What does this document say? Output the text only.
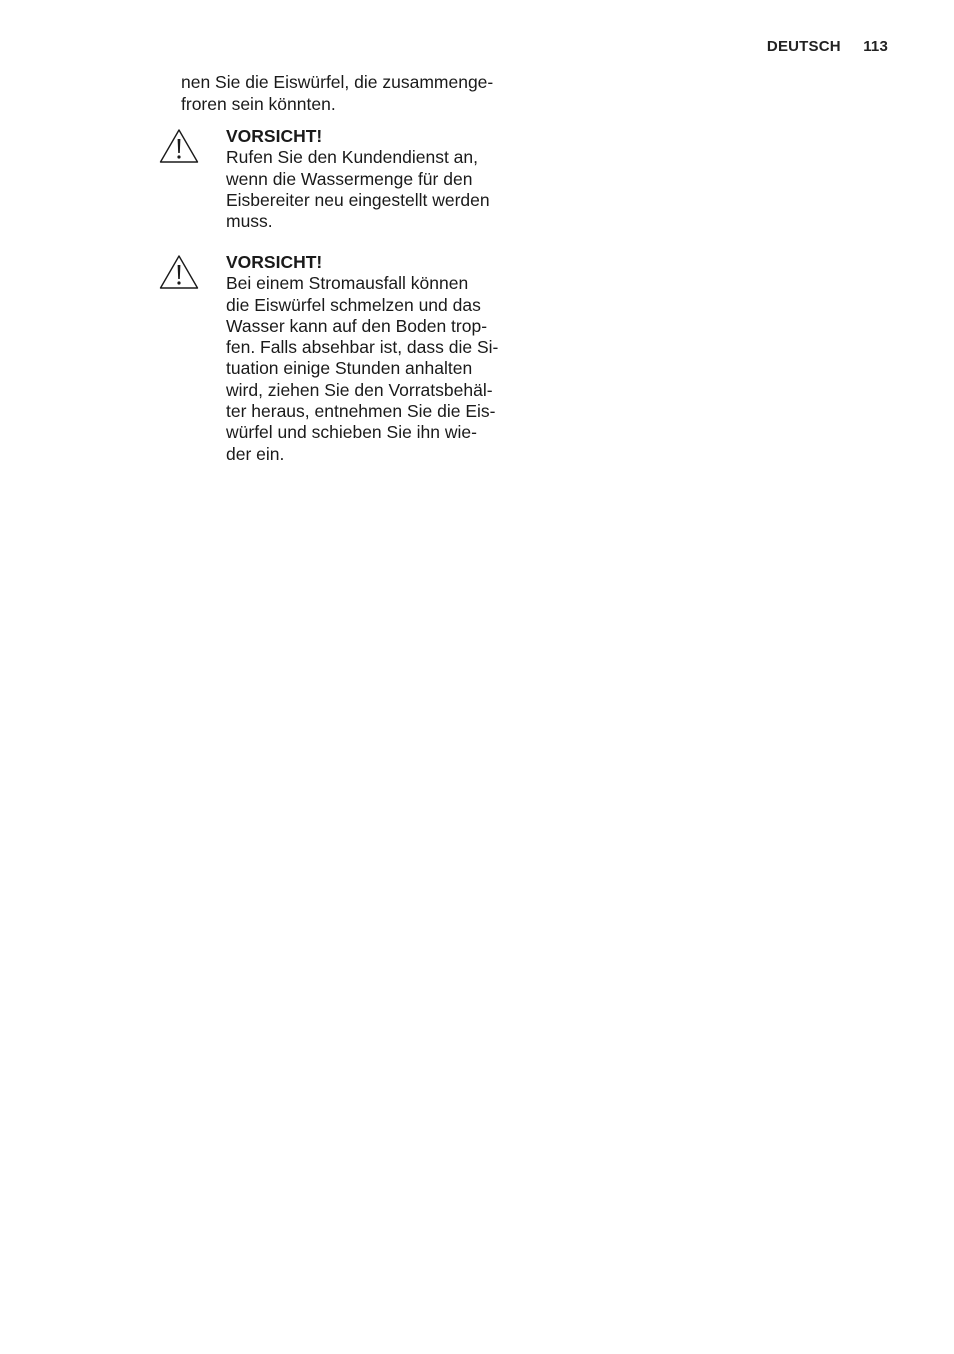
DEUTSCH 113
nen Sie die Eiswürfel, die zusammenge-
froren sein könnten.
VORSICHT!
Rufen Sie den Kundendienst an,
wenn die Wassermenge für den
Eisbereiter neu eingestellt werden
muss.
VORSICHT!
Bei einem Stromausfall können
die Eiswürfel schmelzen und das
Wasser kann auf den Boden trop-
fen. Falls absehbar ist, dass die Si-
tuation einige Stunden anhalten
wird, ziehen Sie den Vorratsbehäl-
ter heraus, entnehmen Sie die Eis-
würfel und schieben Sie ihn wie-
der ein.
